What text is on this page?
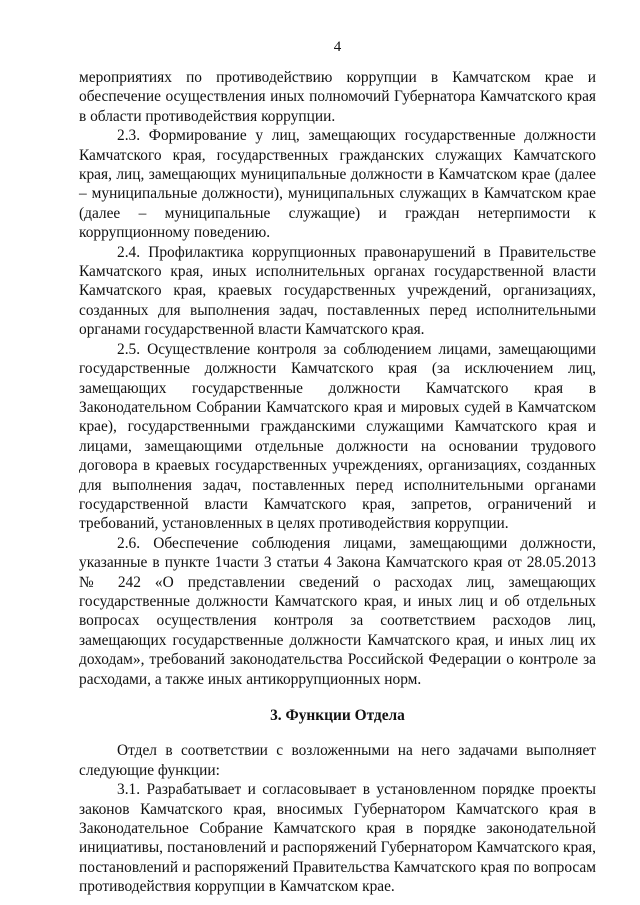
4

мероприятиях по противодействию коррупции в Камчатском крае и обеспечение осуществления иных полномочий Губернатора Камчатского края в области противодействия коррупции.

2.3. Формирование у лиц, замещающих государственные должности Камчатского края, государственных гражданских служащих Камчатского края, лиц, замещающих муниципальные должности в Камчатском крае (далее – муниципальные должности), муниципальных служащих в Камчатском крае (далее – муниципальные служащие) и граждан нетерпимости к коррупционному поведению.

2.4. Профилактика коррупционных правонарушений в Правительстве Камчатского края, иных исполнительных органах государственной власти Камчатского края, краевых государственных учреждений, организациях, созданных для выполнения задач, поставленных перед исполнительными органами государственной власти Камчатского края.

2.5. Осуществление контроля за соблюдением лицами, замещающими государственные должности Камчатского края (за исключением лиц, замещающих государственные должности Камчатского края в Законодательном Собрании Камчатского края и мировых судей в Камчатском крае), государственными гражданскими служащими Камчатского края и лицами, замещающими отдельные должности на основании трудового договора в краевых государственных учреждениях, организациях, созданных для выполнения задач, поставленных перед исполнительными органами государственной власти Камчатского края, запретов, ограничений и требований, установленных в целях противодействия коррупции.

2.6. Обеспечение соблюдения лицами, замещающими должности, указанные в пункте 1части 3 статьи 4 Закона Камчатского края от 28.05.2013 № 242 «О представлении сведений о расходах лиц, замещающих государственные должности Камчатского края, и иных лиц и об отдельных вопросах осуществления контроля за соответствием расходов лиц, замещающих государственные должности Камчатского края, и иных лиц их доходам», требований законодательства Российской Федерации о контроле за расходами, а также иных антикоррупционных норм.

3. Функции Отдела

Отдел в соответствии с возложенными на него задачами выполняет следующие функции:

3.1. Разрабатывает и согласовывает в установленном порядке проекты законов Камчатского края, вносимых Губернатором Камчатского края в Законодательное Собрание Камчатского края в порядке законодательной инициативы, постановлений и распоряжений Губернатором Камчатского края, постановлений и распоряжений Правительства Камчатского края по вопросам противодействия коррупции в Камчатском крае.
